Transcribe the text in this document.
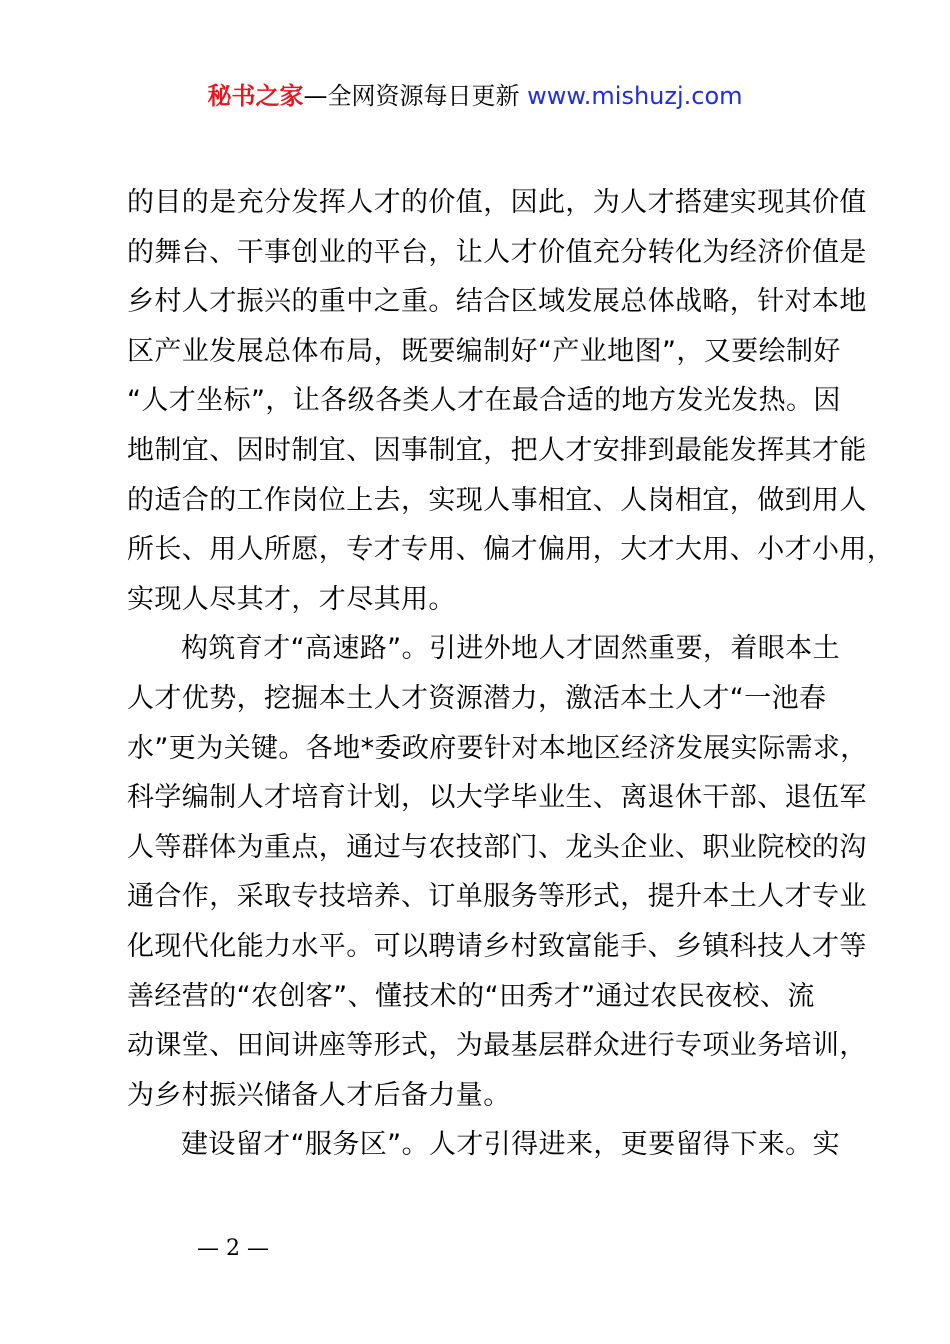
秘书之家—全网资源每日更新 www.mishuzj.com
的目的是充分发挥人才的价值，因此，为人才搭建实现其价值
的舞台、干事创业的平台，让人才价值充分转化为经济价值是
乡村人才振兴的重中之重。结合区域发展总体战略，针对本地
区产业发展总体布局，既要编制好“产业地图”，又要绘制好
“人才坐标”，让各级各类人才在最合适的地方发光发热。因
地制宜、因时制宜、因事制宜，把人才安排到最能发挥其才能
的适合的工作岗位上去，实现人事相宜、人岗相宜，做到用人
所长、用人所愿，专才专用、偏才偏用，大才大用、小才小用，
实现人尽其才，才尽其用。
构筑育才“高速路”。引进外地人才固然重要，着眼本土
人才优势，挖掘本土人才资源潜力，激活本土人才“一池春
水”更为关键。各地*委政府要针对本地区经济发展实际需求，
科学编制人才培育计划，以大学毕业生、离退休干部、退伍军
人等群体为重点，通过与农技部门、龙头企业、职业院校的沟
通合作，采取专技培养、订单服务等形式，提升本土人才专业
化现代化能力水平。可以聘请乡村致富能手、乡镇科技人才等
善经营的“农创客”、懂技术的“田秀才”通过农民夜校、流
动课堂、田间讲座等形式，为最基层群众进行专项业务培训，
为乡村振兴储备人才后备力量。
建设留才“服务区”。人才引得进来，更要留得下来。实
— 2 —
